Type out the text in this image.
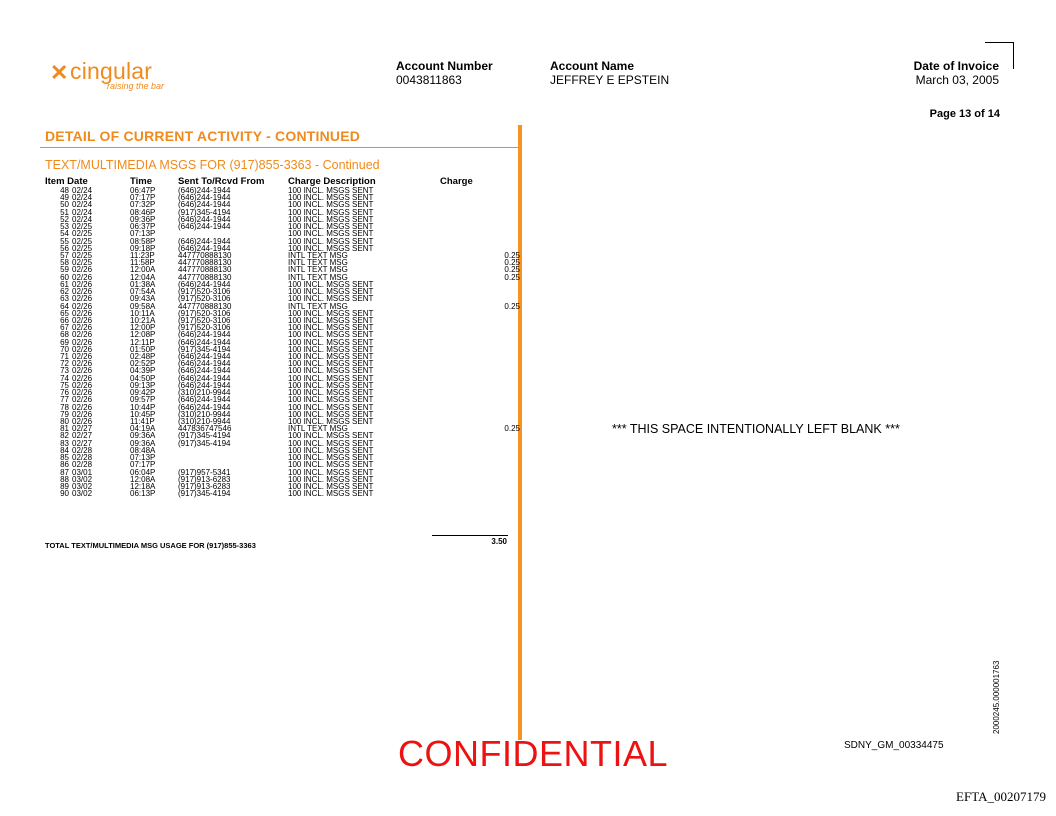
✕ cingular
raising the bar
Account Number
0043811863
Account Name
JEFFREY E EPSTEIN
Date of Invoice
March 03, 2005
Page 13 of 14
DETAIL OF CURRENT ACTIVITY - CONTINUED
TEXT/MULTIMEDIA MSGS FOR (917)855-3363 - Continued
Item Date		Time	Sent To/Rcvd From	Charge Description	Charge
48	02/24	06:47P	(646)244-1944	100 INCL. MSGS SENT	
49	02/24	07:17P	(646)244-1944	100 INCL. MSGS SENT	
50	02/24	07:32P	(646)244-1944	100 INCL. MSGS SENT	
51	02/24	08:46P	(917)345-4194	100 INCL. MSGS SENT	
52	02/24	09:36P	(646)244-1944	100 INCL. MSGS SENT	
53	02/25	06:37P	(646)244-1944	100 INCL. MSGS SENT	
54	02/25	07:13P		100 INCL. MSGS SENT	
55	02/25	08:58P	(646)244-1944	100 INCL. MSGS SENT	
56	02/25	09:18P	(646)244-1944	100 INCL. MSGS SENT	
57	02/25	11:23P	447770888130	INTL TEXT MSG	0.25
58	02/25	11:58P	447770888130	INTL TEXT MSG	0.25
59	02/26	12:00A	447770888130	INTL TEXT MSG	0.25
60	02/26	12:04A	447770888130	INTL TEXT MSG	0.25
61	02/26	01:38A	(646)244-1944	100 INCL. MSGS SENT	
62	02/26	07:54A	(917)520-3106	100 INCL. MSGS SENT	
63	02/26	09:43A	(917)520-3106	100 INCL. MSGS SENT	
64	02/26	09:58A	447770888130	INTL TEXT MSG	0.25
65	02/26	10:11A	(917)520-3106	100 INCL. MSGS SENT	
66	02/26	10:21A	(917)520-3106	100 INCL. MSGS SENT	
67	02/26	12:00P	(917)520-3106	100 INCL. MSGS SENT	
68	02/26	12:08P	(646)244-1944	100 INCL. MSGS SENT	
69	02/26	12:11P	(646)244-1944	100 INCL. MSGS SENT	
70	02/26	01:50P	(917)345-4194	100 INCL. MSGS SENT	
71	02/26	02:48P	(646)244-1944	100 INCL. MSGS SENT	
72	02/26	02:52P	(646)244-1944	100 INCL. MSGS SENT	
73	02/26	04:39P	(646)244-1944	100 INCL. MSGS SENT	
74	02/26	04:50P	(646)244-1944	100 INCL. MSGS SENT	
75	02/26	09:13P	(646)244-1944	100 INCL. MSGS SENT	
76	02/26	09:42P	(310)210-9944	100 INCL. MSGS SENT	
77	02/26	09:57P	(646)244-1944	100 INCL. MSGS SENT	
78	02/26	10:44P	(646)244-1944	100 INCL. MSGS SENT	
79	02/26	10:45P	(310)210-9944	100 INCL. MSGS SENT	
80	02/26	11:41P	(310)210-9944	100 INCL. MSGS SENT	
81	02/27	04:19A	447836747546	INTL TEXT MSG	0.25
82	02/27	09:36A	(917)345-4194	100 INCL. MSGS SENT	
83	02/27	09:36A	(917)345-4194	100 INCL. MSGS SENT	
84	02/28	08:48A		100 INCL. MSGS SENT	
85	02/28	07:13P		100 INCL. MSGS SENT	
86	02/28	07:17P		100 INCL. MSGS SENT	
87	03/01	06:04P	(917)957-5341	100 INCL. MSGS SENT	
88	03/02	12:08A	(917)913-6283	100 INCL. MSGS SENT	
89	03/02	12:18A	(917)913-6283	100 INCL. MSGS SENT	
90	03/02	06:13P	(917)345-4194	100 INCL. MSGS SENT	
3.50
TOTAL TEXT/MULTIMEDIA MSG USAGE FOR (917)855-3363
*** THIS SPACE INTENTIONALLY LEFT BLANK ***
CONFIDENTIAL	SDNY_GM_00334475
2000245.000001763
EFTA_00207179
